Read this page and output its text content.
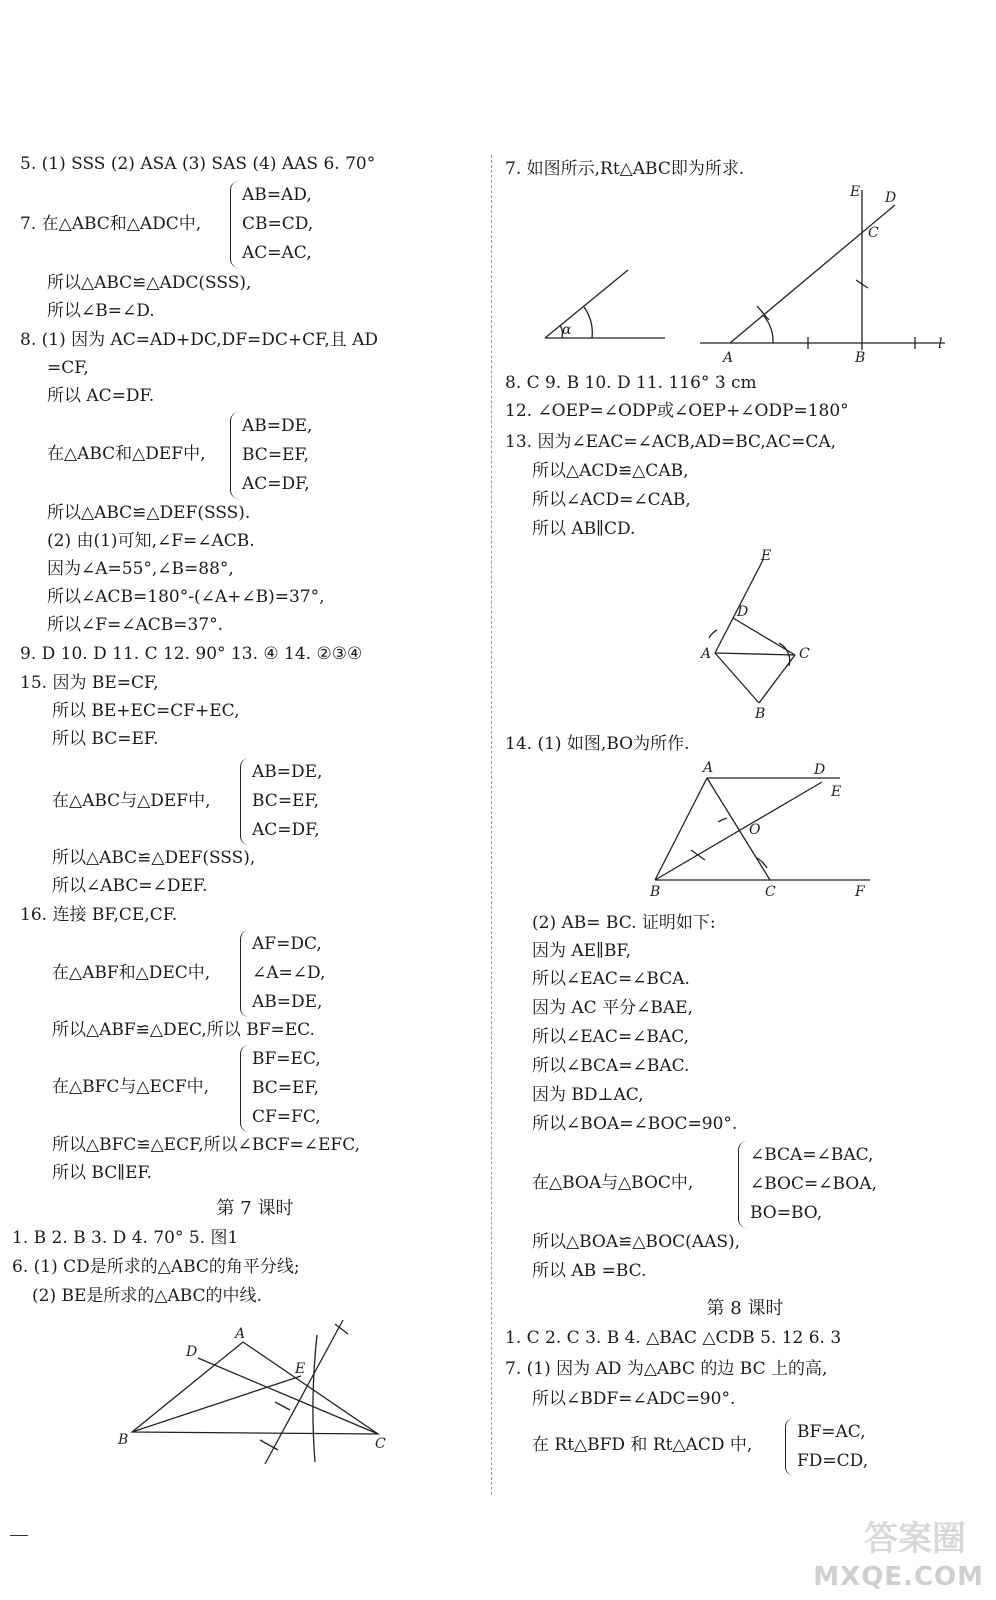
5. (1) SSS (2) ASA (3) SAS (4) AAS 6. 70°
7. 在△ABC和△ADC中,
AB=AD,
CB=CD,
AC=AC,
所以△ABC≌△ADC(SSS),
所以∠B=∠D.
8. (1) 因为 AC=AD+DC,DF=DC+CF,且 AD
=CF,
所以 AC=DF.
在△ABC和△DEF中,
AB=DE,
BC=EF,
AC=DF,
所以△ABC≌△DEF(SSS).
(2) 由(1)可知,∠F=∠ACB.
因为∠A=55°,∠B=88°,
所以∠ACB=180°-(∠A+∠B)=37°,
所以∠F=∠ACB=37°.
9. D 10. D 11. C 12. 90° 13. ④ 14. ②③④
15. 因为 BE=CF,
所以 BE+EC=CF+EC,
所以 BC=EF.
在△ABC与△DEF中,
AB=DE,
BC=EF,
AC=DF,
所以△ABC≌△DEF(SSS),
所以∠ABC=∠DEF.
16. 连接 BF,CE,CF.
在△ABF和△DEC中,
AF=DC,
∠A=∠D,
AB=DE,
所以△ABF≌△DEC,所以 BF=EC.
在△BFC与△ECF中,
BF=EC,
BC=EF,
CF=FC,
所以△BFC≌△ECF,所以∠BCF=∠EFC,
所以 BC∥EF.
第 7 课时
1. B 2. B 3. D 4. 70° 5. 图1
6. (1) CD是所求的△ABC的角平分线;
(2) BE是所求的△ABC的中线.
A
D
E
B	C
7. 如图所示,Rt△ABC即为所求.
8. C 9. B 10. D 11. 116° 3 cm
12. ∠OEP=∠ODP或∠OEP+∠ODP=180°
13. 因为∠EAC=∠ACB,AD=BC,AC=CA,
所以△ACD≌△CAB,
所以∠ACD=∠CAB,
所以 AB∥CD.
14. (1) 如图,BO为所作.
(2) AB= BC. 证明如下:
因为 AE∥BF,
所以∠EAC=∠BCA.
因为 AC 平分∠BAE,
所以∠EAC=∠BAC,
所以∠BCA=∠BAC.
因为 BD⊥AC,
所以∠BOA=∠BOC=90°.
在△BOA与△BOC中,
∠BCA=∠BAC,
∠BOC=∠BOA,
BO=BO,
所以△BOA≌△BOC(AAS),
所以 AB =BC.
第 8 课时
1. C 2. C 3. B 4. △BAC △CDB 5. 12 6. 3
7. (1) 因为 AD 为△ABC 的边 BC 上的高,
所以∠BDF=∠ADC=90°.
在 Rt△BFD 和 Rt△ACD 中,
BF=AC,
FD=CD,
α
E D
C
A	B
l
E
D
A	C
B
A	D
E
O
B	C	F
答案圈
MXQE.COM
